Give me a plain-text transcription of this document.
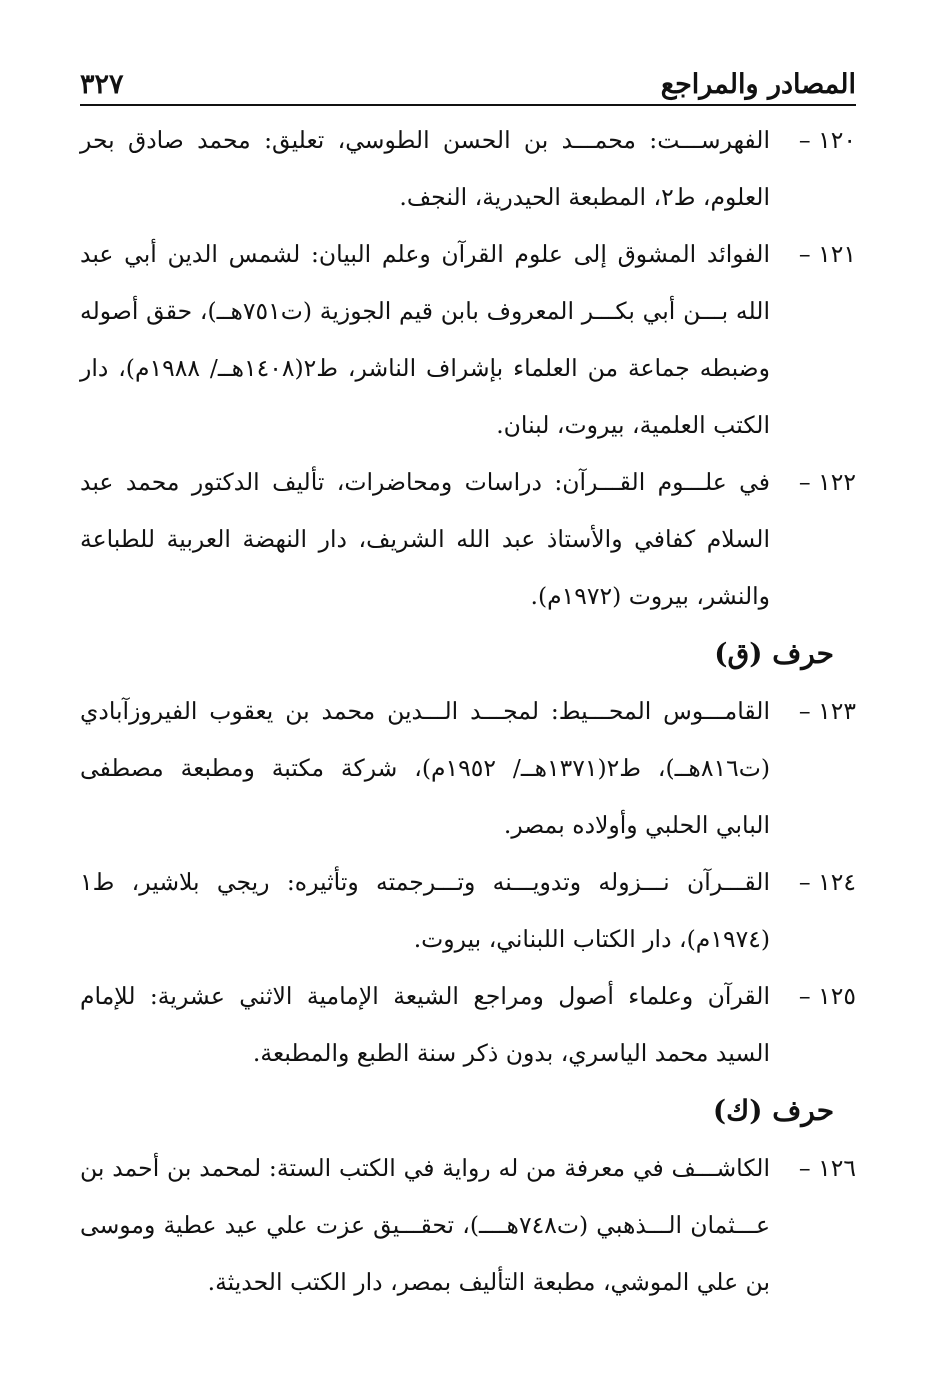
المصادر والمراجع
٣٢٧
١٢٠ –
الفهرســـت: محمـــد بن الحسن الطوسي، تعليق: محمد صادق بحر العلوم، ط٢، المطبعة الحيدرية، النجف.
١٢١ –
الفوائد المشوق إلى علوم القرآن وعلم البيان: لشمس الدين أبي عبد الله بـــن أبي بكـــر المعروف بابن قيم الجوزية (ت٧٥١هــ)، حقق أصوله وضبطه جماعة من العلماء بإشراف الناشر، ط٢(١٤٠٨هــ/ ١٩٨٨م)، دار الكتب العلمية، بيروت، لبنان.
١٢٢ –
في علـــوم القـــرآن: دراسات ومحاضرات، تأليف الدكتور محمد عبد السلام كفافي والأستاذ عبد الله الشريف، دار النهضة العربية للطباعة والنشر، بيروت (١٩٧٢م).
حرف (ق)
١٢٣ –
القامـــوس المحـــيط: لمجـــد الـــدين محمد بن يعقوب الفيروزآبادي (ت٨١٦هــ)، ط٢(١٣٧١هــ/ ١٩٥٢م)، شركة مكتبة ومطبعة مصطفى البابي الحلبي وأولاده بمصر.
١٢٤ –
القـــرآن نـــزوله وتدويـــنه وتـــرجمته وتأثيره: ريجي بلاشير، ط١ (١٩٧٤م)، دار الكتاب اللبناني، بيروت.
١٢٥ –
القرآن وعلماء أصول ومراجع الشيعة الإمامية الاثني عشرية: للإمام السيد محمد الياسري، بدون ذكر سنة الطبع والمطبعة.
حرف (ك)
١٢٦ –
الكاشـــف في معرفة من له رواية في الكتب الستة: لمحمد بن أحمد بن عـــثمان الـــذهبي (ت٧٤٨هــــ)، تحقـــيق عزت علي عيد عطية وموسى بن علي الموشي، مطبعة التأليف بمصر، دار الكتب الحديثة.
